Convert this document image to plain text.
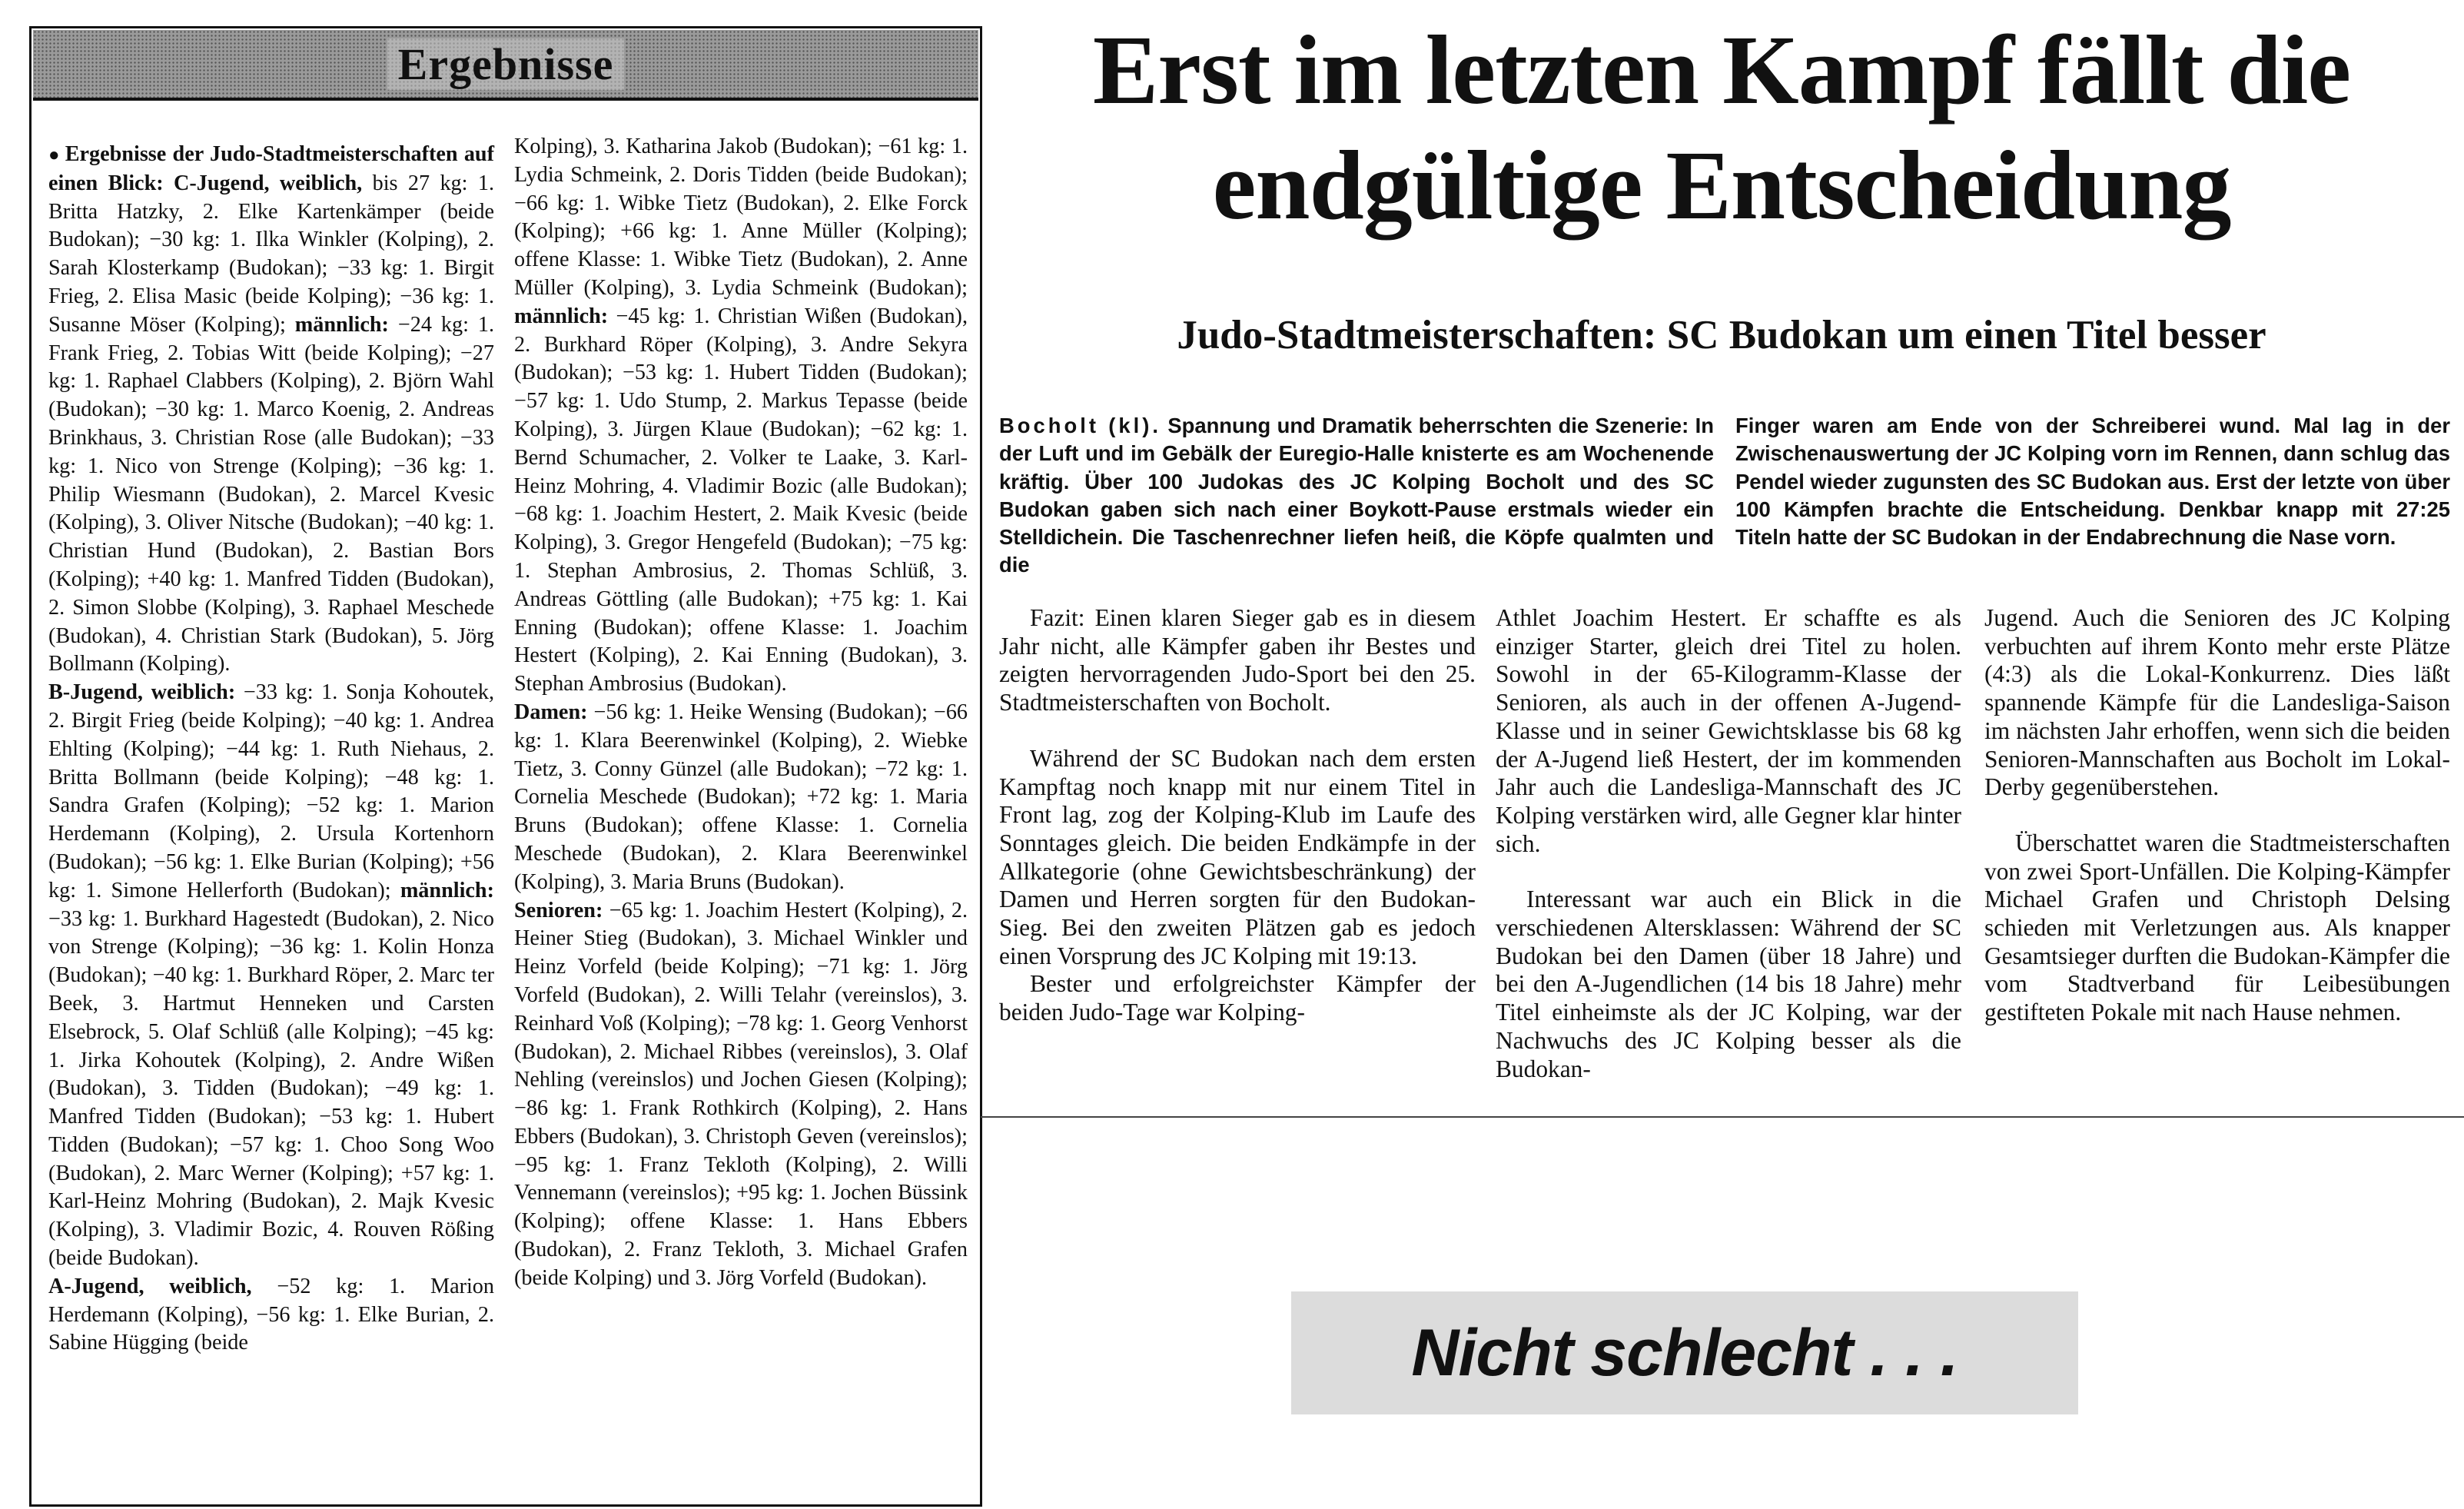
Ergebnisse

● Ergebnisse der Judo-Stadtmeisterschaften auf einen Blick: C-Jugend, weiblich, bis 27 kg: 1. Britta Hatzky, 2. Elke Kartenkämper (beide Budokan); −30 kg: 1. Ilka Winkler (Kolping), 2. Sarah Klosterkamp (Budokan); −33 kg: 1. Birgit Frieg, 2. Elisa Masic (beide Kolping); −36 kg: 1. Susanne Möser (Kolping); männlich: −24 kg: 1. Frank Frieg, 2. Tobias Witt (beide Kolping); −27 kg: 1. Raphael Clabbers (Kolping), 2. Björn Wahl (Budokan); −30 kg: 1. Marco Koenig, 2. Andreas Brinkhaus, 3. Christian Rose (alle Budokan); −33 kg: 1. Nico von Strenge (Kolping); −36 kg: 1. Philip Wiesmann (Budokan), 2. Marcel Kvesic (Kolping), 3. Oliver Nitsche (Budokan); −40 kg: 1. Christian Hund (Budokan), 2. Bastian Bors (Kolping); +40 kg: 1. Manfred Tidden (Budokan), 2. Simon Slobbe (Kolping), 3. Raphael Meschede (Budokan), 4. Christian Stark (Budokan), 5. Jörg Bollmann (Kolping).

B-Jugend, weiblich: −33 kg: 1. Sonja Kohoutek, 2. Birgit Frieg (beide Kolping); −40 kg: 1. Andrea Ehlting (Kolping); −44 kg: 1. Ruth Niehaus, 2. Britta Bollmann (beide Kolping); −48 kg: 1. Sandra Grafen (Kolping); −52 kg: 1. Marion Herdemann (Kolping), 2. Ursula Kortenhorn (Budokan); −56 kg: 1. Elke Burian (Kolping); +56 kg: 1. Simone Hellerforth (Budokan); männlich: −33 kg: 1. Burkhard Hagestedt (Budokan), 2. Nico von Strenge (Kolping); −36 kg: 1. Kolin Honza (Budokan); −40 kg: 1. Burkhard Röper, 2. Marc ter Beek, 3. Hartmut Henneken und Carsten Elsebrock, 5. Olaf Schlüß (alle Kolping); −45 kg: 1. Jirka Kohoutek (Kolping), 2. Andre Wißen (Budokan), 3. Tidden (Budokan); −49 kg: 1. Manfred Tidden (Budokan); −53 kg: 1. Hubert Tidden (Budokan); −57 kg: 1. Choo Song Woo (Budokan), 2. Marc Werner (Kolping); +57 kg: 1. Karl-Heinz Mohring (Budokan), 2. Majk Kvesic (Kolping), 3. Vladimir Bozic, 4. Rouven Rößing (beide Budokan).

A-Jugend, weiblich, −52 kg: 1. Marion Herdemann (Kolping), −56 kg: 1. Elke Burian, 2. Sabine Hügging (beide

Kolping), 3. Katharina Jakob (Budokan); −61 kg: 1. Lydia Schmeink, 2. Doris Tidden (beide Budokan); −66 kg: 1. Wibke Tietz (Budokan), 2. Elke Forck (Kolping); +66 kg: 1. Anne Müller (Kolping); offene Klasse: 1. Wibke Tietz (Budokan), 2. Anne Müller (Kolping), 3. Lydia Schmeink (Budokan); männlich: −45 kg: 1. Christian Wißen (Budokan), 2. Burkhard Röper (Kolping), 3. Andre Sekyra (Budokan); −53 kg: 1. Hubert Tidden (Budokan); −57 kg: 1. Udo Stump, 2. Markus Tepasse (beide Kolping), 3. Jürgen Klaue (Budokan); −62 kg: 1. Bernd Schumacher, 2. Volker te Laake, 3. Karl-Heinz Mohring, 4. Vladimir Bozic (alle Budokan); −68 kg: 1. Joachim Hestert, 2. Maik Kvesic (beide Kolping), 3. Gregor Hengefeld (Budokan); −75 kg: 1. Stephan Ambrosius, 2. Thomas Schlüß, 3. Andreas Göttling (alle Budokan); +75 kg: 1. Kai Enning (Budokan); offene Klasse: 1. Joachim Hestert (Kolping), 2. Kai Enning (Budokan), 3. Stephan Ambrosius (Budokan).

Damen: −56 kg: 1. Heike Wensing (Budokan); −66 kg: 1. Klara Beerenwinkel (Kolping), 2. Wiebke Tietz, 3. Conny Günzel (alle Budokan); −72 kg: 1. Cornelia Meschede (Budokan); +72 kg: 1. Maria Bruns (Budokan); offene Klasse: 1. Cornelia Meschede (Budokan), 2. Klara Beerenwinkel (Kolping), 3. Maria Bruns (Budokan).

Senioren: −65 kg: 1. Joachim Hestert (Kolping), 2. Heiner Stieg (Budokan), 3. Michael Winkler und Heinz Vorfeld (beide Kolping); −71 kg: 1. Jörg Vorfeld (Budokan), 2. Willi Telahr (vereinslos), 3. Reinhard Voß (Kolping); −78 kg: 1. Georg Venhorst (Budokan), 2. Michael Ribbes (vereinslos), 3. Olaf Nehling (vereinslos) und Jochen Giesen (Kolping); −86 kg: 1. Frank Rothkirch (Kolping), 2. Hans Ebbers (Budokan), 3. Christoph Geven (vereinslos); −95 kg: 1. Franz Tekloth (Kolping), 2. Willi Vennemann (vereinslos); +95 kg: 1. Jochen Büssink (Kolping); offene Klasse: 1. Hans Ebbers (Budokan), 2. Franz Tekloth, 3. Michael Grafen (beide Kolping) und 3. Jörg Vorfeld (Budokan).

Erst im letzten Kampf fällt die endgültige Entscheidung
Judo-Stadtmeisterschaften: SC Budokan um einen Titel besser
Bocholt (kl). Spannung und Dramatik beherrschten die Szenerie: In der Luft und im Gebälk der Euregio-Halle knisterte es am Wochenende kräftig. Über 100 Judokas des JC Kolping Bocholt und des SC Budokan gaben sich nach einer Boykott-Pause erstmals wieder ein Stelldichein. Die Taschenrechner liefen heiß, die Köpfe qualmten und die
Finger waren am Ende von der Schreiberei wund. Mal lag in der Zwischenauswertung der JC Kolping vorn im Rennen, dann schlug das Pendel wieder zugunsten des SC Budokan aus. Erst der letzte von über 100 Kämpfen brachte die Entscheidung. Denkbar knapp mit 27:25 Titeln hatte der SC Budokan in der Endabrechnung die Nase vorn.

Fazit: Einen klaren Sieger gab es in diesem Jahr nicht, alle Kämpfer gaben ihr Bestes und zeigten hervorragenden Judo-Sport bei den 25. Stadtmeisterschaften von Bocholt.

Während der SC Budokan nach dem ersten Kampftag noch knapp mit nur einem Titel in Front lag, zog der Kolping-Klub im Laufe des Sonntages gleich. Die beiden Endkämpfe in der Allkategorie (ohne Gewichtsbeschränkung) der Damen und Herren sorgten für den Budokan-Sieg. Bei den zweiten Plätzen gab es jedoch einen Vorsprung des JC Kolping mit 19:13.

Bester und erfolgreichster Kämpfer der beiden Judo-Tage war Kolping-

Athlet Joachim Hestert. Er schaffte es als einziger Starter, gleich drei Titel zu holen. Sowohl in der 65-Kilogramm-Klasse der Senioren, als auch in der offenen A-Jugend-Klasse und in seiner Gewichtsklasse bis 68 kg der A-Jugend ließ Hestert, der im kommenden Jahr auch die Landesliga-Mannschaft des JC Kolping verstärken wird, alle Gegner klar hinter sich.

Interessant war auch ein Blick in die verschiedenen Altersklassen: Während der SC Budokan bei den Damen (über 18 Jahre) und bei den A-Jugendlichen (14 bis 18 Jahre) mehr Titel einheimste als der JC Kolping, war der Nachwuchs des JC Kolping besser als die Budokan-

Jugend. Auch die Senioren des JC Kolping verbuchten auf ihrem Konto mehr erste Plätze (4:3) als die Lokal-Konkurrenz. Dies läßt spannende Kämpfe für die Landesliga-Saison im nächsten Jahr erhoffen, wenn sich die beiden Senioren-Mannschaften aus Bocholt im Lokal-Derby gegenüberstehen.

Überschattet waren die Stadtmeisterschaften von zwei Sport-Unfällen. Die Kolping-Kämpfer Michael Grafen und Christoph Delsing schieden mit Verletzungen aus. Als knapper Gesamtsieger durften die Budokan-Kämpfer die vom Stadtverband für Leibesübungen gestifteten Pokale mit nach Hause nehmen.

Nicht schlecht . . .
